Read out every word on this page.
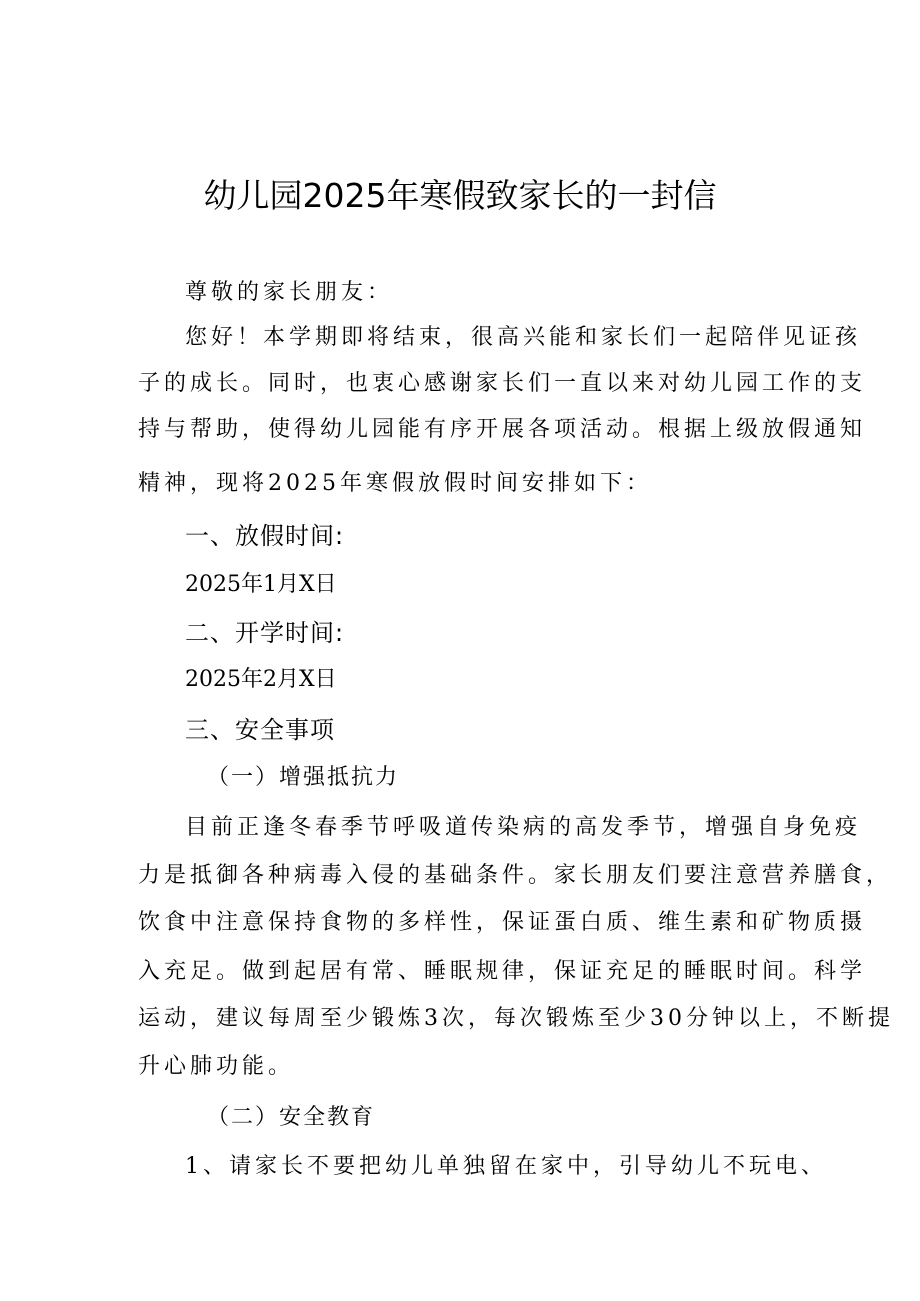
幼儿园2025年寒假致家长的一封信
尊敬的家长朋友：
您好！本学期即将结束，很高兴能和家长们一起陪伴见证孩
子的成长。同时，也衷心感谢家长们一直以来对幼儿园工作的支
持与帮助，使得幼儿园能有序开展各项活动。根据上级放假通知
精神，现将2025年寒假放假时间安排如下：
一、放假时间:
2025年1月X日
二、开学时间:
2025年2月X日
三、安全事项
（一）增强抵抗力
目前正逢冬春季节呼吸道传染病的高发季节，增强自身免疫
力是抵御各种病毒入侵的基础条件。家长朋友们要注意营养膳食，
饮食中注意保持食物的多样性，保证蛋白质、维生素和矿物质摄
入充足。做到起居有常、睡眠规律，保证充足的睡眠时间。科学
运动，建议每周至少锻炼3次，每次锻炼至少30分钟以上，不断提
升心肺功能。
（二）安全教育
1、请家长不要把幼儿单独留在家中，引导幼儿不玩电、
